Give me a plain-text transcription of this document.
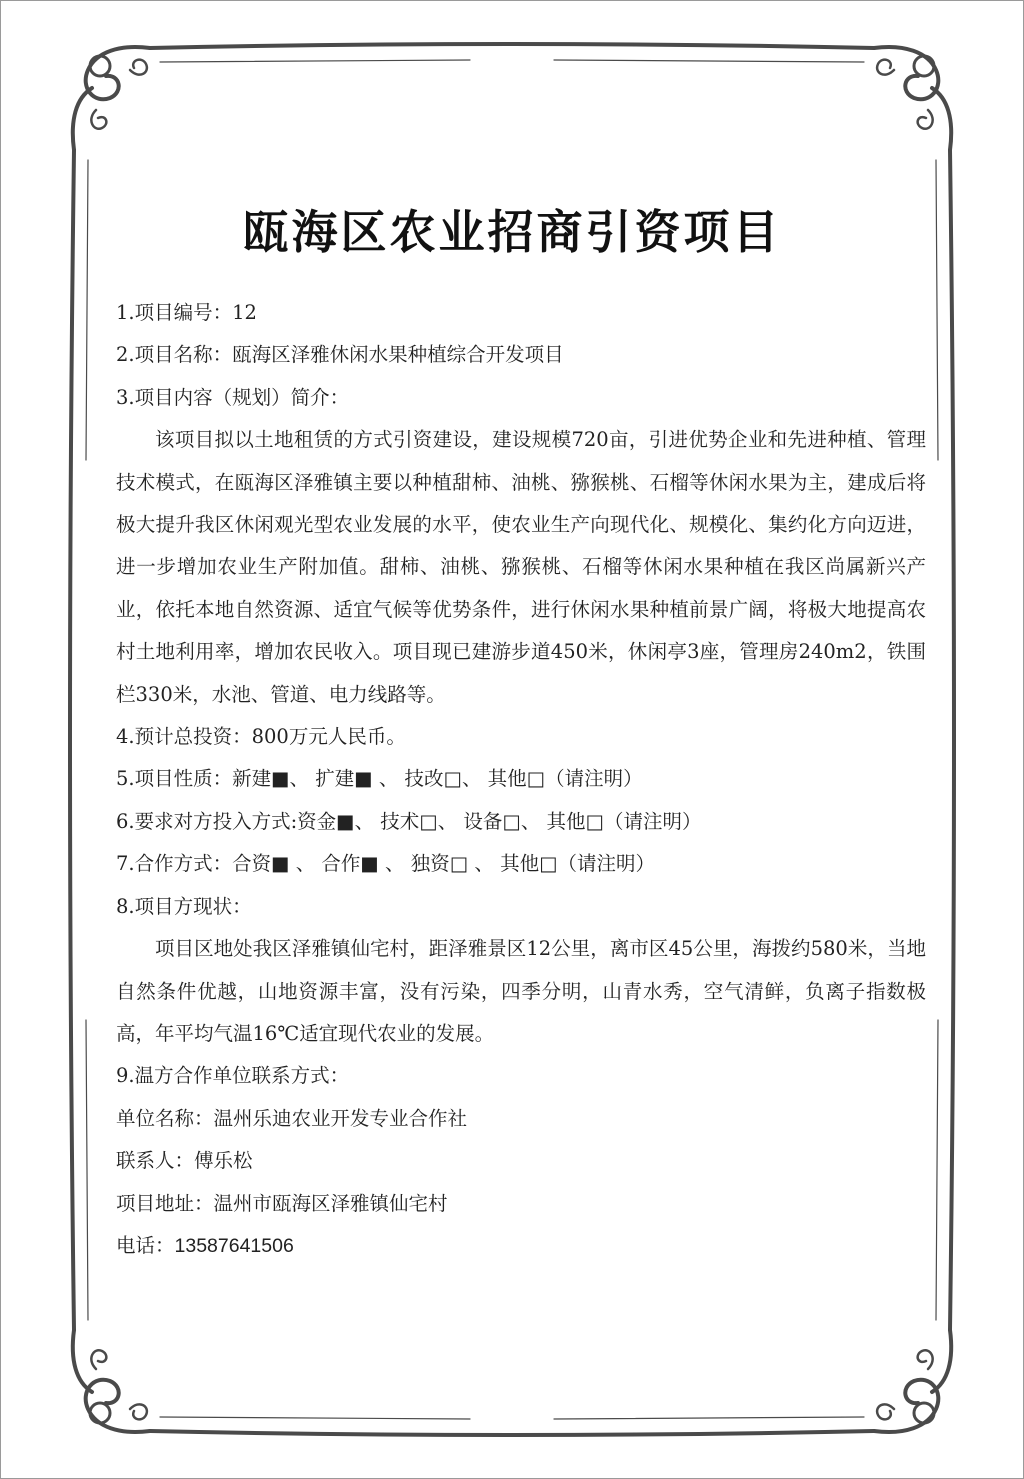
瓯海区农业招商引资项目

1.项目编号：12

2.项目名称：瓯海区泽雅休闲水果种植综合开发项目

3.项目内容（规划）简介：

该项目拟以土地租赁的方式引资建设，建设规模720亩，引进优势企业和先进种植、管理技术模式，在瓯海区泽雅镇主要以种植甜柿、油桃、猕猴桃、石榴等休闲水果为主，建成后将极大提升我区休闲观光型农业发展的水平，使农业生产向现代化、规模化、集约化方向迈进，进一步增加农业生产附加值。甜柿、油桃、猕猴桃、石榴等休闲水果种植在我区尚属新兴产业，依托本地自然资源、适宜气候等优势条件，进行休闲水果种植前景广阔，将极大地提高农村土地利用率，增加农民收入。项目现已建游步道450米，休闲亭3座，管理房240m2，铁围栏330米，水池、管道、电力线路等。

4.预计总投资：800万元人民币。

5.项目性质：新建■、 扩建■ 、 技改□、 其他□（请注明）

6.要求对方投入方式:资金■、 技术□、 设备□、 其他□（请注明）

7.合作方式：合资■ 、 合作■ 、 独资□ 、 其他□（请注明）

8.项目方现状：

项目区地处我区泽雅镇仙宅村，距泽雅景区12公里，离市区45公里，海拨约580米，当地自然条件优越，山地资源丰富，没有污染，四季分明，山青水秀，空气清鲜，负离子指数极高，年平均气温16℃适宜现代农业的发展。

9.温方合作单位联系方式：

单位名称：温州乐迪农业开发专业合作社

联系人：傅乐松

项目地址：温州市瓯海区泽雅镇仙宅村

电话：13587641506
